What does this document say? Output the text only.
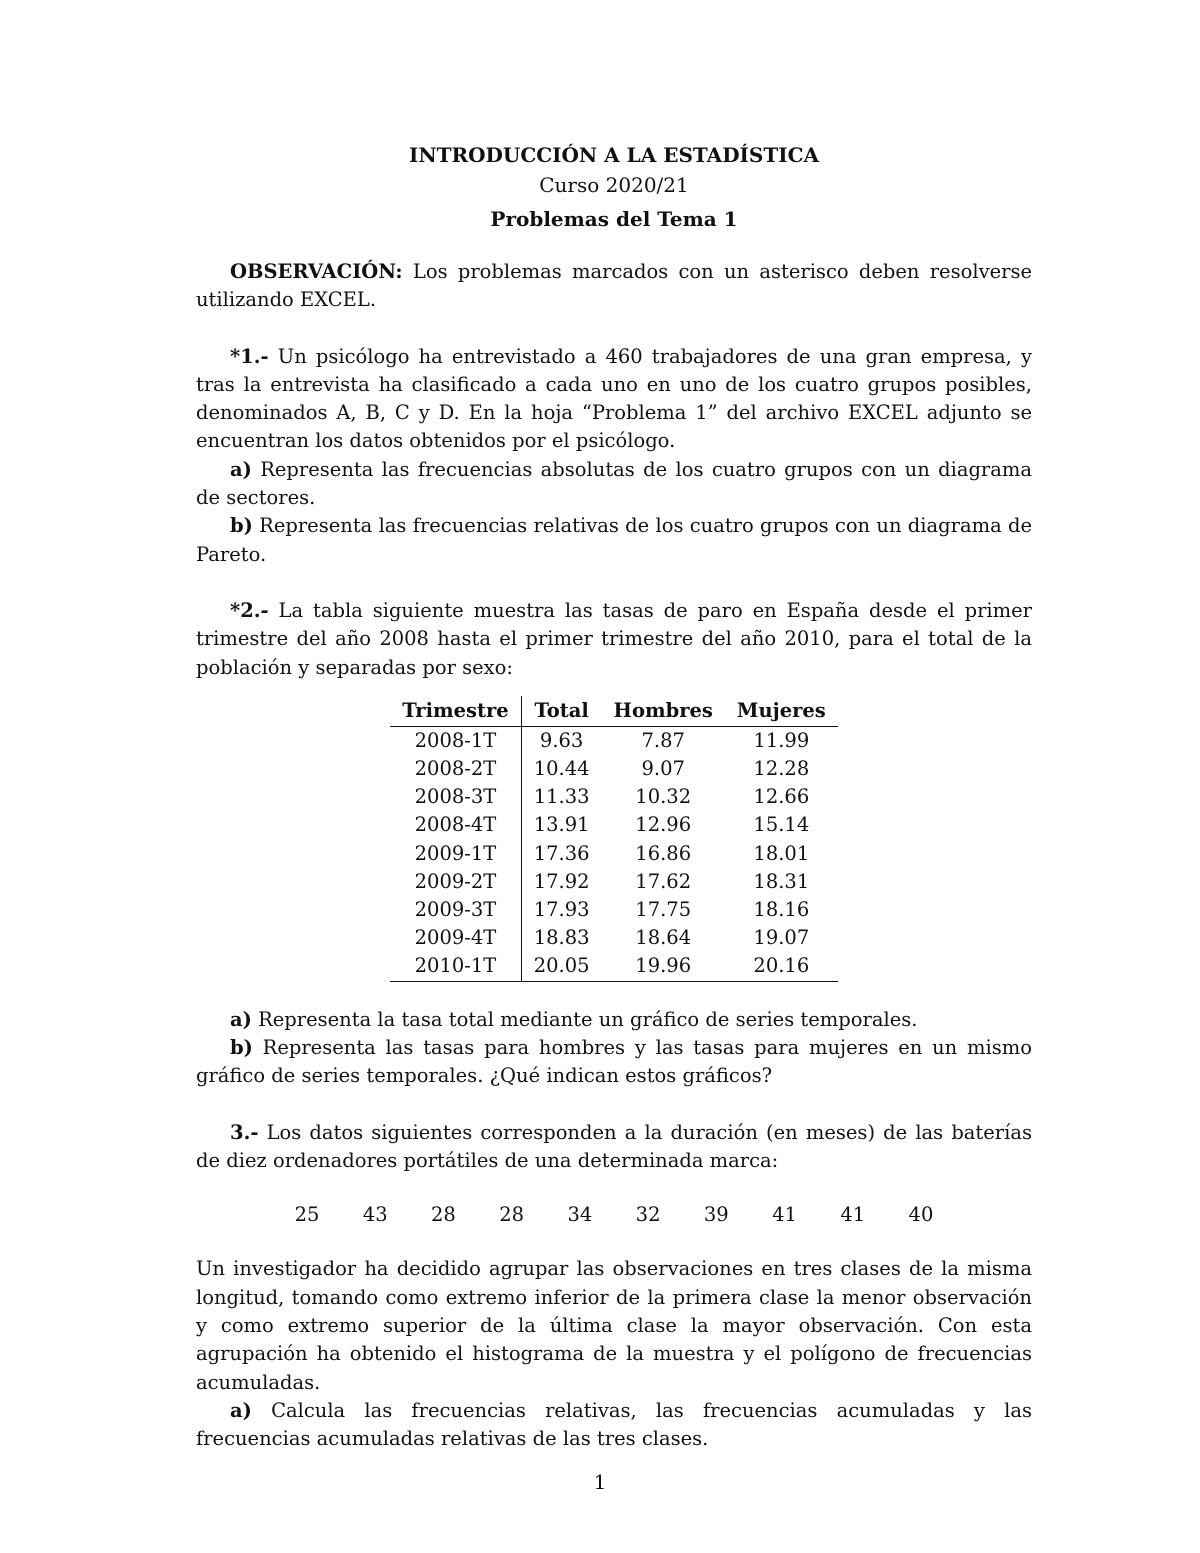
INTRODUCCIÓN A LA ESTADÍSTICA
Curso 2020/21
Problemas del Tema 1

OBSERVACIÓN: Los problemas marcados con un asterisco deben resolverse utilizando EXCEL.

*1.- Un psicólogo ha entrevistado a 460 trabajadores de una gran empresa, y tras la entrevista ha clasificado a cada uno en uno de los cuatro grupos posibles, denominados A, B, C y D. En la hoja “Problema 1” del archivo EXCEL adjunto se encuentran los datos obtenidos por el psicólogo.

a) Representa las frecuencias absolutas de los cuatro grupos con un diagrama de sectores.

b) Representa las frecuencias relativas de los cuatro grupos con un diagrama de Pareto.

*2.- La tabla siguiente muestra las tasas de paro en España desde el primer trimestre del año 2008 hasta el primer trimestre del año 2010, para el total de la población y separadas por sexo:

Trimestre	Total	Hombres	Mujeres
2008-1T	9.63	7.87	11.99
2008-2T	10.44	9.07	12.28
2008-3T	11.33	10.32	12.66
2008-4T	13.91	12.96	15.14
2009-1T	17.36	16.86	18.01
2009-2T	17.92	17.62	18.31
2009-3T	17.93	17.75	18.16
2009-4T	18.83	18.64	19.07
2010-1T	20.05	19.96	20.16

a) Representa la tasa total mediante un gráfico de series temporales.

b) Representa las tasas para hombres y las tasas para mujeres en un mismo gráfico de series temporales. ¿Qué indican estos gráficos?

3.- Los datos siguientes corresponden a la duración (en meses) de las baterías de diez ordenadores portátiles de una determinada marca:

25	43	28	28	34	32	39	41	41	40

Un investigador ha decidido agrupar las observaciones en tres clases de la misma longitud, tomando como extremo inferior de la primera clase la menor observación y como extremo superior de la última clase la mayor observación. Con esta agrupación ha obtenido el histograma de la muestra y el polígono de frecuencias acumuladas.

a) Calcula las frecuencias relativas, las frecuencias acumuladas y las frecuencias acumuladas relativas de las tres clases.

1
